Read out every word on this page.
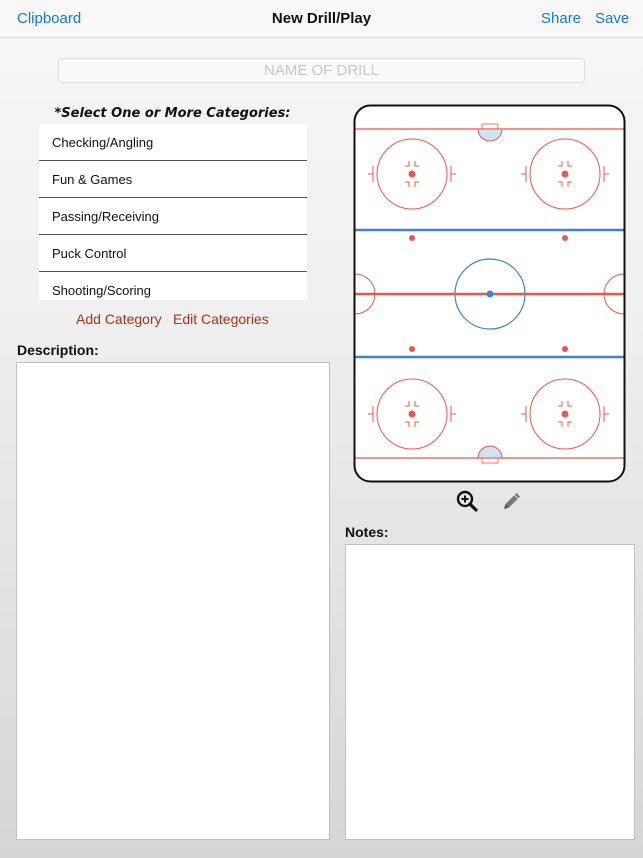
Clipboard	New Drill/Play	Share Save
NAME OF DRILL
*Select One or More Categories:
Checking/Angling
Fun & Games
Passing/Receiving
Puck Control
Shooting/Scoring
Add Category Edit Categories
Description:
Notes:
